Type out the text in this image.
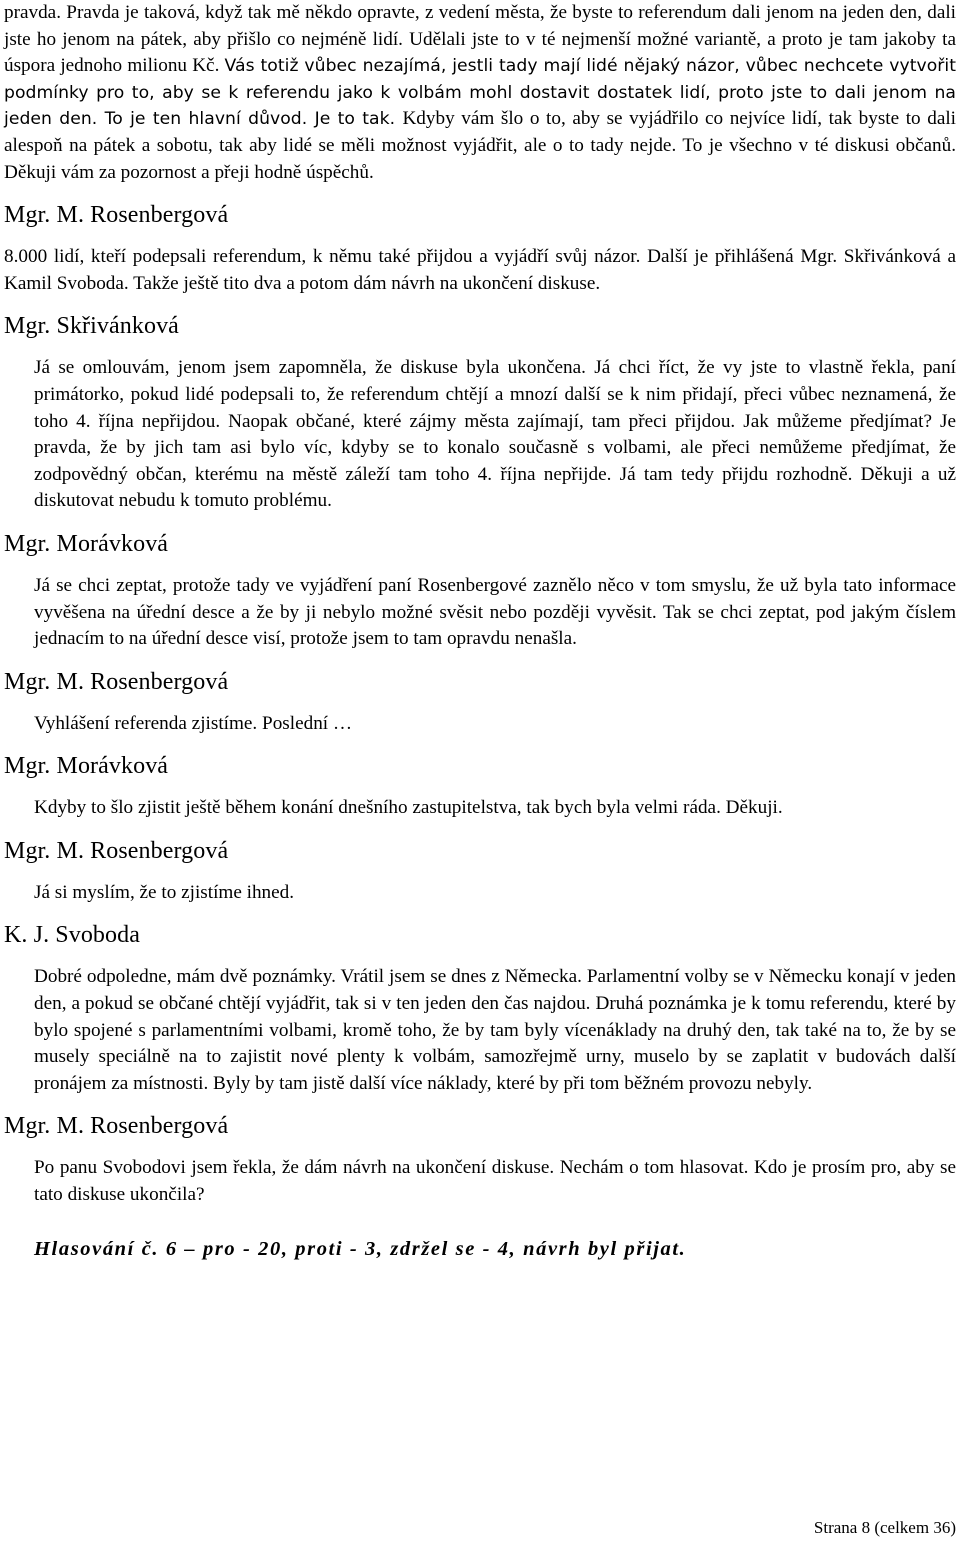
pravda. Pravda je taková, když tak mě někdo opravte, z vedení města, že byste to referendum dali jenom na jeden den, dali jste ho jenom na pátek, aby přišlo co nejméně lidí. Udělali jste to v té nejmenší možné variantě, a proto je tam jakoby ta úspora jednoho milionu Kč. Vás totiž vůbec nezajímá, jestli tady mají lidé nějaký názor, vůbec nechcete vytvořit podmínky pro to, aby se k referendu jako k volbám mohl dostavit dostatek lidí, proto jste to dali jenom na jeden den. To je ten hlavní důvod. Je to tak. Kdyby vám šlo o to, aby se vyjádřilo co nejvíce lidí, tak byste to dali alespoň na pátek a sobotu, tak aby lidé se měli možnost vyjádřit, ale o to tady nejde. To je všechno v té diskusi občanů. Děkuji vám za pozornost a přeji hodně úspěchů.

Mgr. M. Rosenbergová

8.000 lidí, kteří podepsali referendum, k němu také přijdou a vyjádří svůj názor. Další je přihlášená Mgr. Skřivánková a Kamil Svoboda. Takže ještě tito dva a potom dám návrh na ukončení diskuse.

Mgr. Skřivánková

Já se omlouvám, jenom jsem zapomněla, že diskuse byla ukončena. Já chci říct, že vy jste to vlastně řekla, paní primátorko, pokud lidé podepsali to, že referendum chtějí a mnozí další se k nim přidají, přeci vůbec neznamená, že toho 4. října nepřijdou. Naopak občané, které zájmy města zajímají, tam přeci přijdou. Jak můžeme předjímat? Je pravda, že by jich tam asi bylo víc, kdyby se to konalo současně s volbami, ale přeci nemůžeme předjímat, že zodpovědný občan, kterému na městě záleží tam toho 4. října nepřijde. Já tam tedy přijdu rozhodně. Děkuji a už diskutovat nebudu k tomuto problému.

Mgr. Morávková

Já se chci zeptat, protože tady ve vyjádření paní Rosenbergové zaznělo něco v tom smyslu, že už byla tato informace vyvěšena na úřední desce a že by ji nebylo možné svěsit nebo později vyvěsit. Tak se chci zeptat, pod jakým číslem jednacím to na úřední desce visí, protože jsem to tam opravdu nenašla.

Mgr. M. Rosenbergová

Vyhlášení referenda zjistíme. Poslední …

Mgr. Morávková

Kdyby to šlo zjistit ještě během konání dnešního zastupitelstva, tak bych byla velmi ráda. Děkuji.

Mgr. M. Rosenbergová

Já si myslím, že to zjistíme ihned.

K. J. Svoboda

Dobré odpoledne, mám dvě poznámky. Vrátil jsem se dnes z Německa. Parlamentní volby se v Německu konají v jeden den, a pokud se občané chtějí vyjádřit, tak si v ten jeden den čas najdou. Druhá poznámka je k tomu referendu, které by bylo spojené s parlamentními volbami, kromě toho, že by tam byly vícenáklady na druhý den, tak také na to, že by se musely speciálně na to zajistit nové plenty k volbám, samozřejmě urny, muselo by se zaplatit v budovách další pronájem za místnosti. Byly by tam jistě další více náklady, které by při tom běžném provozu nebyly.

Mgr. M. Rosenbergová

Po panu Svobodovi jsem řekla, že dám návrh na ukončení diskuse. Nechám o tom hlasovat. Kdo je prosím pro, aby se tato diskuse ukončila?

Hlasování č. 6 – pro - 20, proti - 3, zdržel se - 4, návrh byl přijat.

Strana 8 (celkem 36)
